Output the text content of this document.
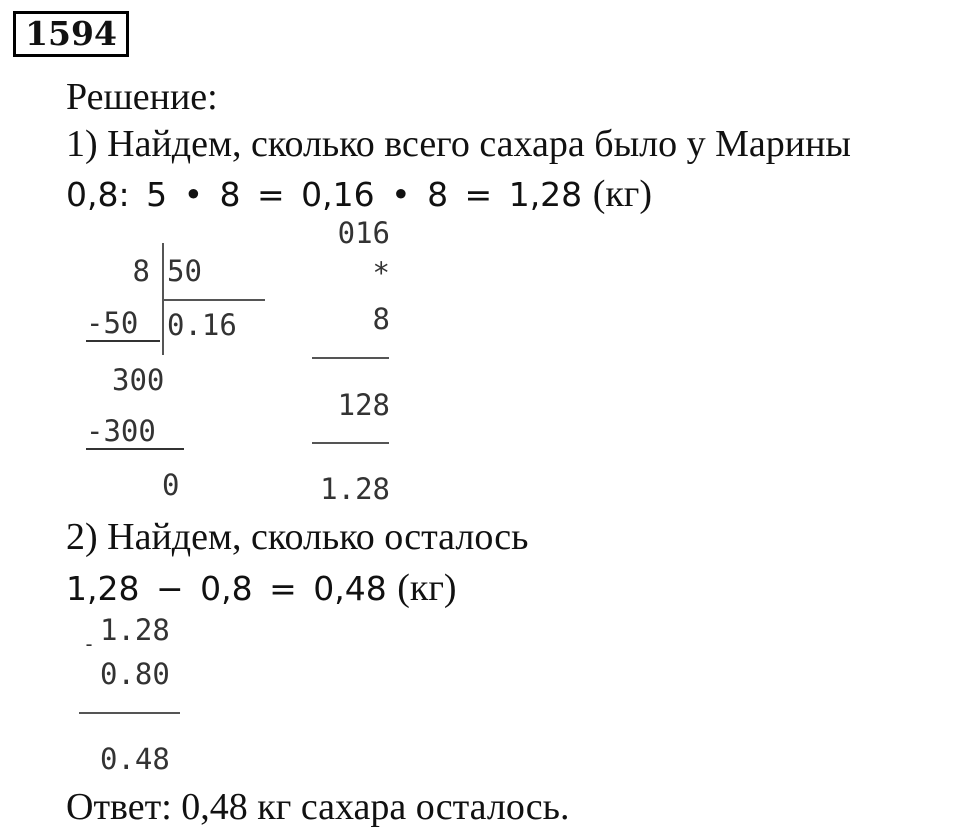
1594
Решение:
1) Найдем, сколько всего сахара было у Марины
0,8: 5 • 8 = 0,16 • 8 = 1,28 (кг)
8 50
-50 0.16
300
-300
0
016
*
8
128
1.28
2) Найдем, сколько осталось
1,28 − 0,8 = 0,48 (кг)
- 1.28
0.80
0.48
Ответ: 0,48 кг сахара осталось.
